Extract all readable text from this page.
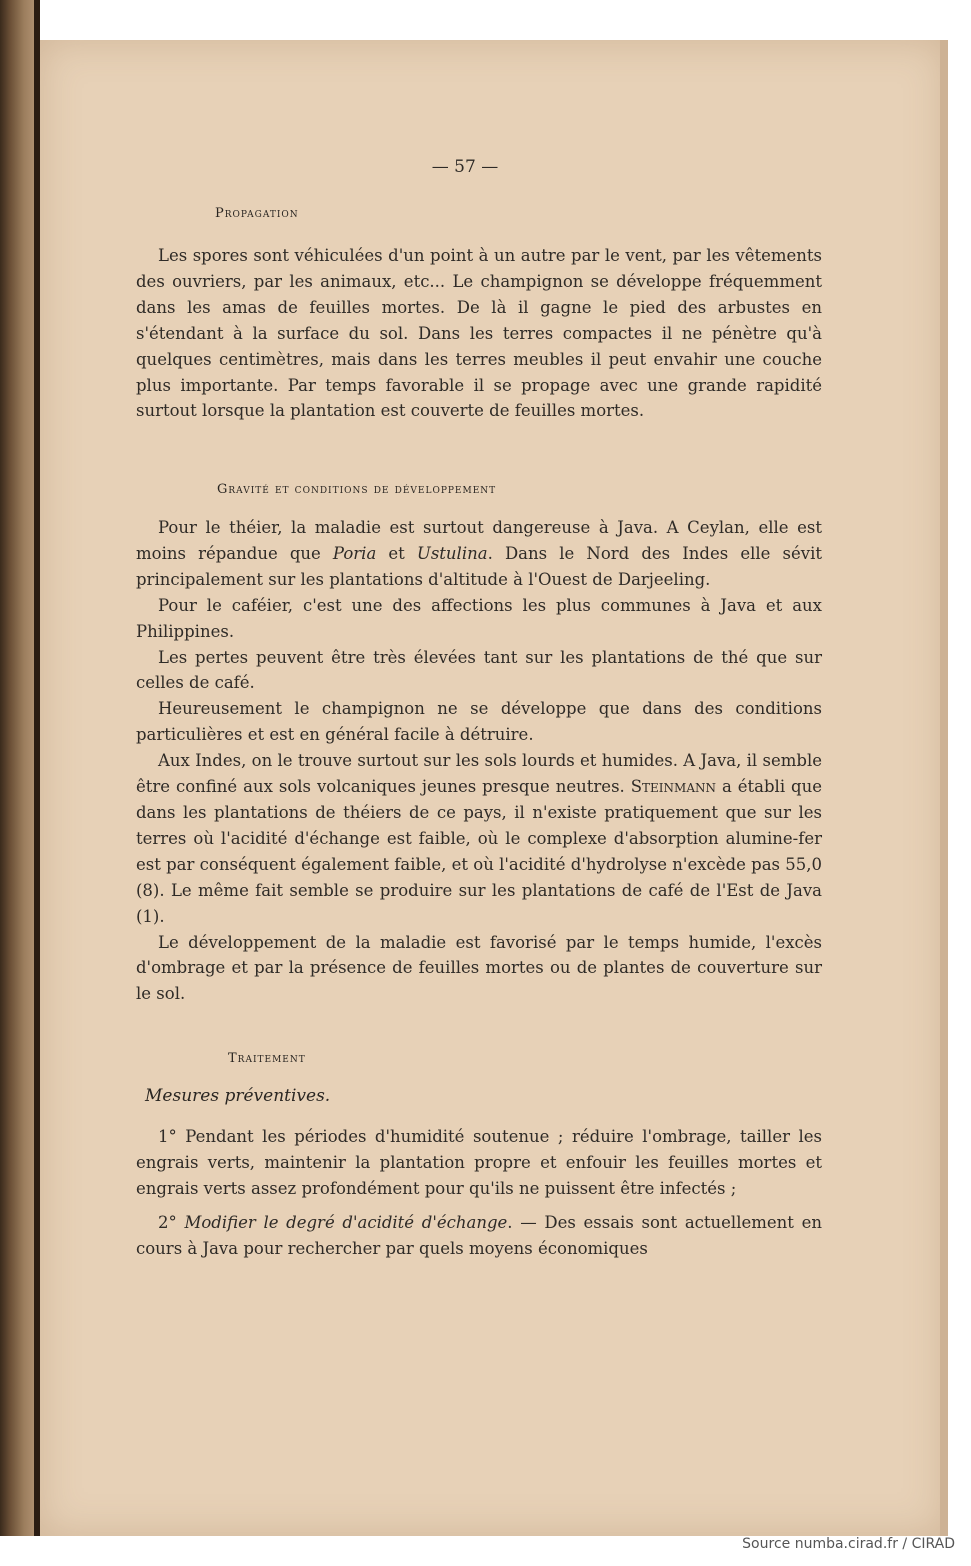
— 57 —
Propagation

Les spores sont véhiculées d'un point à un autre par le vent, par les vêtements des ouvriers, par les animaux, etc... Le champignon se développe fréquemment dans les amas de feuilles mortes. De là il gagne le pied des arbustes en s'étendant à la surface du sol. Dans les terres compactes il ne pénètre qu'à quelques centimètres, mais dans les terres meubles il peut envahir une couche plus importante. Par temps favorable il se propage avec une grande rapidité surtout lorsque la plantation est couverte de feuilles mortes.

Gravité et conditions de développement

Pour le théier, la maladie est surtout dangereuse à Java. A Ceylan, elle est moins répandue que Poria et Ustulina. Dans le Nord des Indes elle sévit principalement sur les plantations d'altitude à l'Ouest de Darjeeling.

Pour le caféier, c'est une des affections les plus communes à Java et aux Philippines.

Les pertes peuvent être très élevées tant sur les plantations de thé que sur celles de café.

Heureusement le champignon ne se développe que dans des conditions particulières et est en général facile à détruire.

Aux Indes, on le trouve surtout sur les sols lourds et humides. A Java, il semble être confiné aux sols volcaniques jeunes presque neutres. Steinmann a établi que dans les plantations de théiers de ce pays, il n'existe pratiquement que sur les terres où l'acidité d'échange est faible, où le complexe d'absorption alumine-fer est par conséquent également faible, et où l'acidité d'hydrolyse n'excède pas 55,0 (8). Le même fait semble se produire sur les plantations de café de l'Est de Java (1).

Le développement de la maladie est favorisé par le temps humide, l'excès d'ombrage et par la présence de feuilles mortes ou de plantes de couverture sur le sol.

Traitement
Mesures préventives.

1° Pendant les périodes d'humidité soutenue ; réduire l'ombrage, tailler les engrais verts, maintenir la plantation propre et enfouir les feuilles mortes et engrais verts assez profondément pour qu'ils ne puissent être infectés ;

2° Modifier le degré d'acidité d'échange. — Des essais sont actuellement en cours à Java pour rechercher par quels moyens économiques

Source numba.cirad.fr / CIRAD
